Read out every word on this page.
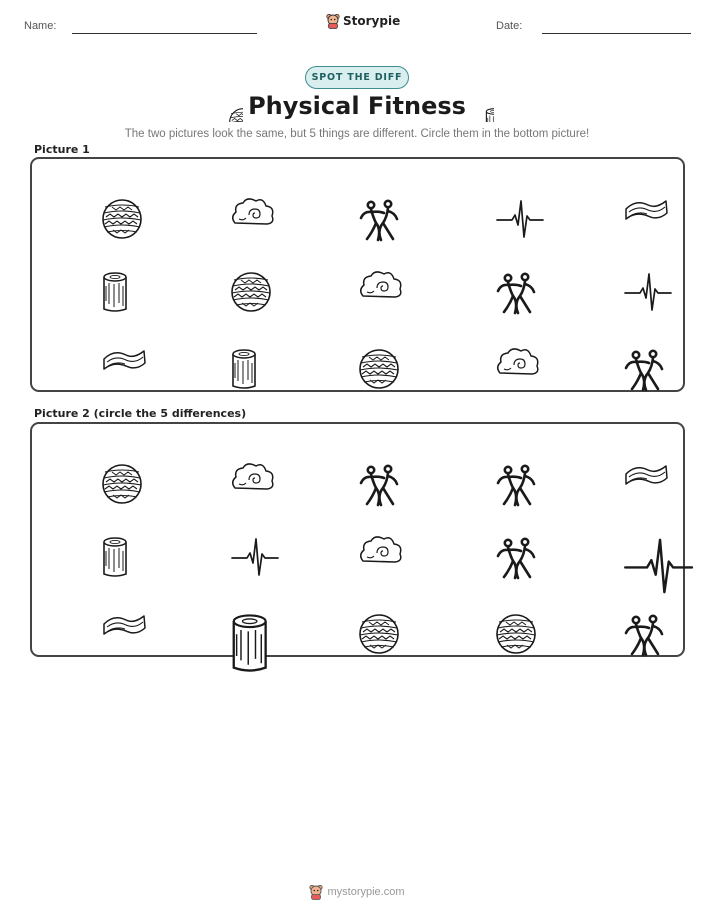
Name:	Storypie	Date:
SPOT THE DIFF
Physical Fitness
The two pictures look the same, but 5 things are different. Circle them in the bottom picture!
Picture 1
Picture 2 (circle the 5 differences)
mystorypie.com
